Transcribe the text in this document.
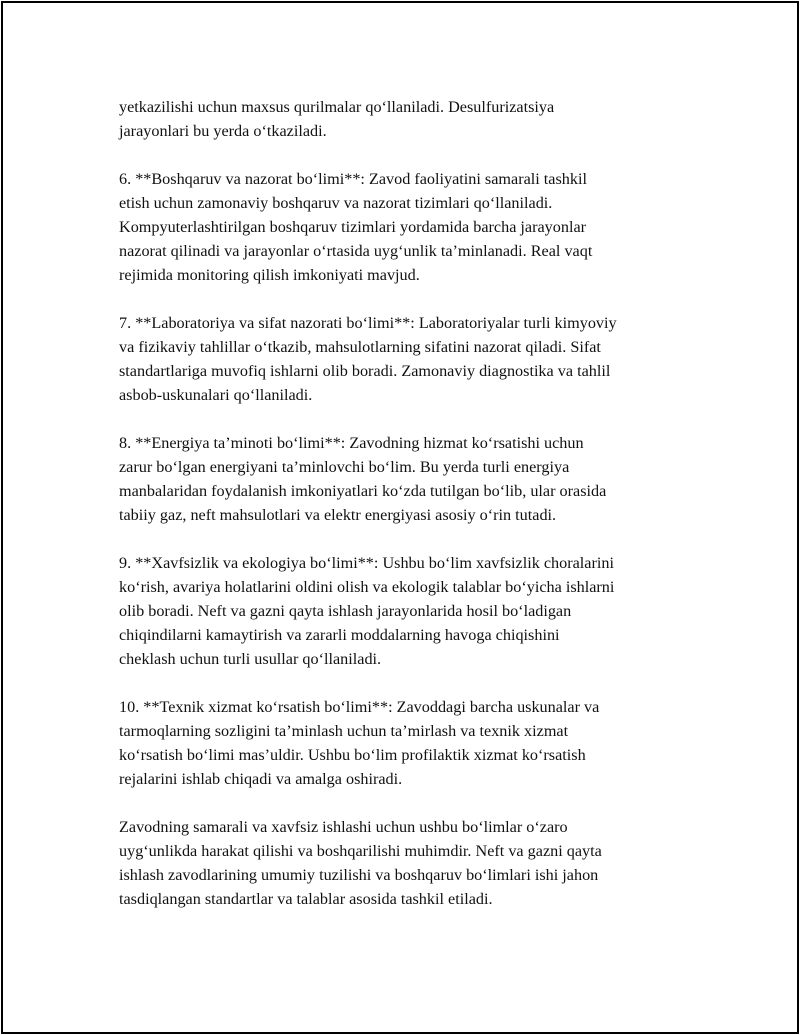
yetkazilishi uchun maxsus qurilmalar qo‘llaniladi. Desulfurizatsiya
jarayonlari bu yerda o‘tkaziladi.

6. **Boshqaruv va nazorat bo‘limi**: Zavod faoliyatini samarali tashkil
etish uchun zamonaviy boshqaruv va nazorat tizimlari qo‘llaniladi.
Kompyuterlashtirilgan boshqaruv tizimlari yordamida barcha jarayonlar
nazorat qilinadi va jarayonlar o‘rtasida uyg‘unlik ta’minlanadi. Real vaqt
rejimida monitoring qilish imkoniyati mavjud.

7. **Laboratoriya va sifat nazorati bo‘limi**: Laboratoriyalar turli kimyoviy
va fizikaviy tahlillar o‘tkazib, mahsulotlarning sifatini nazorat qiladi. Sifat
standartlariga muvofiq ishlarni olib boradi. Zamonaviy diagnostika va tahlil
asbob-uskunalari qo‘llaniladi.

8. **Energiya ta’minoti bo‘limi**: Zavodning hizmat ko‘rsatishi uchun
zarur bo‘lgan energiyani ta’minlovchi bo‘lim. Bu yerda turli energiya
manbalaridan foydalanish imkoniyatlari ko‘zda tutilgan bo‘lib, ular orasida
tabiiy gaz, neft mahsulotlari va elektr energiyasi asosiy o‘rin tutadi.

9. **Xavfsizlik va ekologiya bo‘limi**: Ushbu bo‘lim xavfsizlik choralarini
ko‘rish, avariya holatlarini oldini olish va ekologik talablar bo‘yicha ishlarni
olib boradi. Neft va gazni qayta ishlash jarayonlarida hosil bo‘ladigan
chiqindilarni kamaytirish va zararli moddalarning havoga chiqishini
cheklash uchun turli usullar qo‘llaniladi.

10. **Texnik xizmat ko‘rsatish bo‘limi**: Zavoddagi barcha uskunalar va
tarmoqlarning sozligini ta’minlash uchun ta’mirlash va texnik xizmat
ko‘rsatish bo‘limi mas’uldir. Ushbu bo‘lim profilaktik xizmat ko‘rsatish
rejalarini ishlab chiqadi va amalga oshiradi.

Zavodning samarali va xavfsiz ishlashi uchun ushbu bo‘limlar o‘zaro
uyg‘unlikda harakat qilishi va boshqarilishi muhimdir. Neft va gazni qayta
ishlash zavodlarining umumiy tuzilishi va boshqaruv bo‘limlari ishi jahon
tasdiqlangan standartlar va talablar asosida tashkil etiladi.
